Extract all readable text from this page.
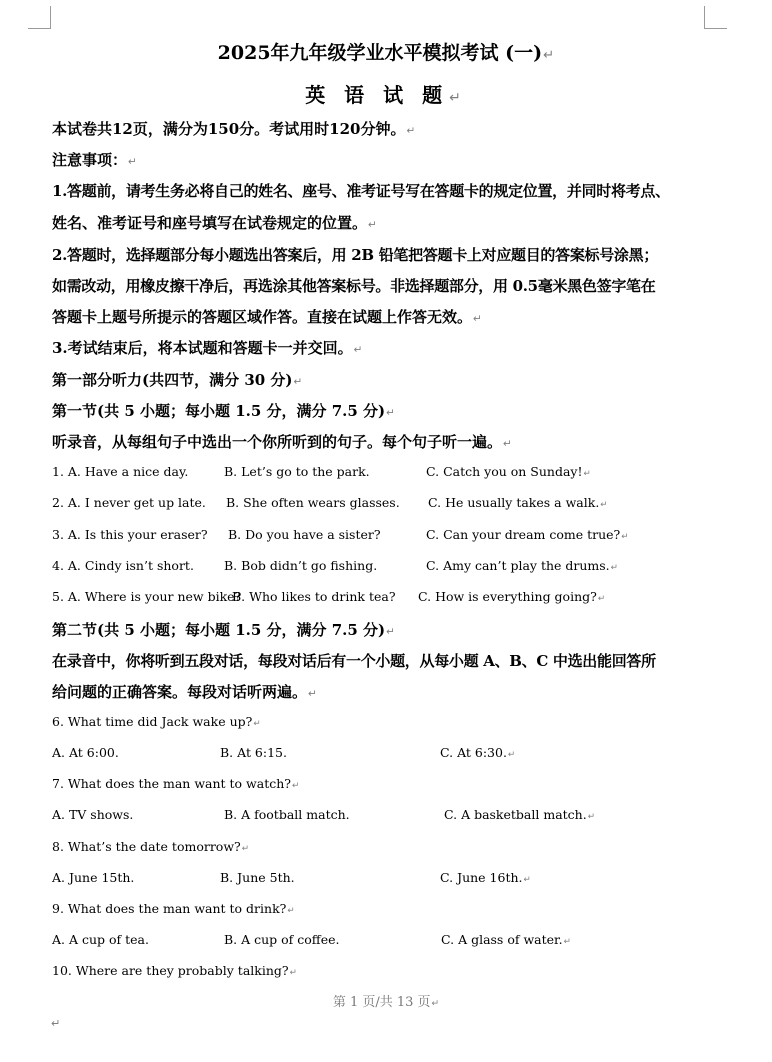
2025年九年级学业水平模拟考试 (一)↵
英 语 试 题↵
本试卷共12页，满分为150分。考试用时120分钟。↵
注意事项：↵
1.答题前，请考生务必将自己的姓名、座号、准考证号写在答题卡的规定位置，并同时将考点、
姓名、准考证号和座号填写在试卷规定的位置。↵
2.答题时，选择题部分每小题选出答案后，用 2B 铅笔把答题卡上对应题目的答案标号涂黑；
如需改动，用橡皮擦干净后，再选涂其他答案标号。非选择题部分，用 0.5毫米黑色签字笔在
答题卡上题号所提示的答题区域作答。直接在试题上作答无效。↵
3.考试结束后，将本试题和答题卡一并交回。↵
第一部分听力(共四节，满分 30 分)↵
第一节(共 5 小题；每小题 1.5 分，满分 7.5 分)↵
听录音，从每组句子中选出一个你所听到的句子。每个句子听一遍。↵
1. A. Have a nice day.	B. Let’s go to the park.	C. Catch you on Sunday!↵
2. A. I never get up late. B. She often wears glasses. C. He usually takes a walk.↵
3. A. Is this your eraser? B. Do you have a sister?	C. Can your dream come true?↵
4. A. Cindy isn’t short. B. Bob didn’t go fishing.	C. Amy can’t play the drums.↵
5. A. Where is your new bike?
B. Who likes to drink tea? C. How is everything going?↵
第二节(共 5 小题；每小题 1.5 分，满分 7.5 分)↵
在录音中，你将听到五段对话，每段对话后有一个小题，从每小题 A、B、C 中选出能回答所
给问题的正确答案。每段对话听两遍。↵
6. What time did Jack wake up?↵
A. At 6:00.	B. At 6:15.	C. At 6:30.↵
7. What does the man want to watch?↵
A. TV shows.	B. A football match.	C. A basketball match.↵
8. What’s the date tomorrow?↵
A. June 15th.	B. June 5th.	C. June 16th.↵
9. What does the man want to drink?↵
A. A cup of tea.	B. A cup of coffee.	C. A glass of water.↵
10. Where are they probably talking?↵
第 1 页/共 13 页↵
↵
